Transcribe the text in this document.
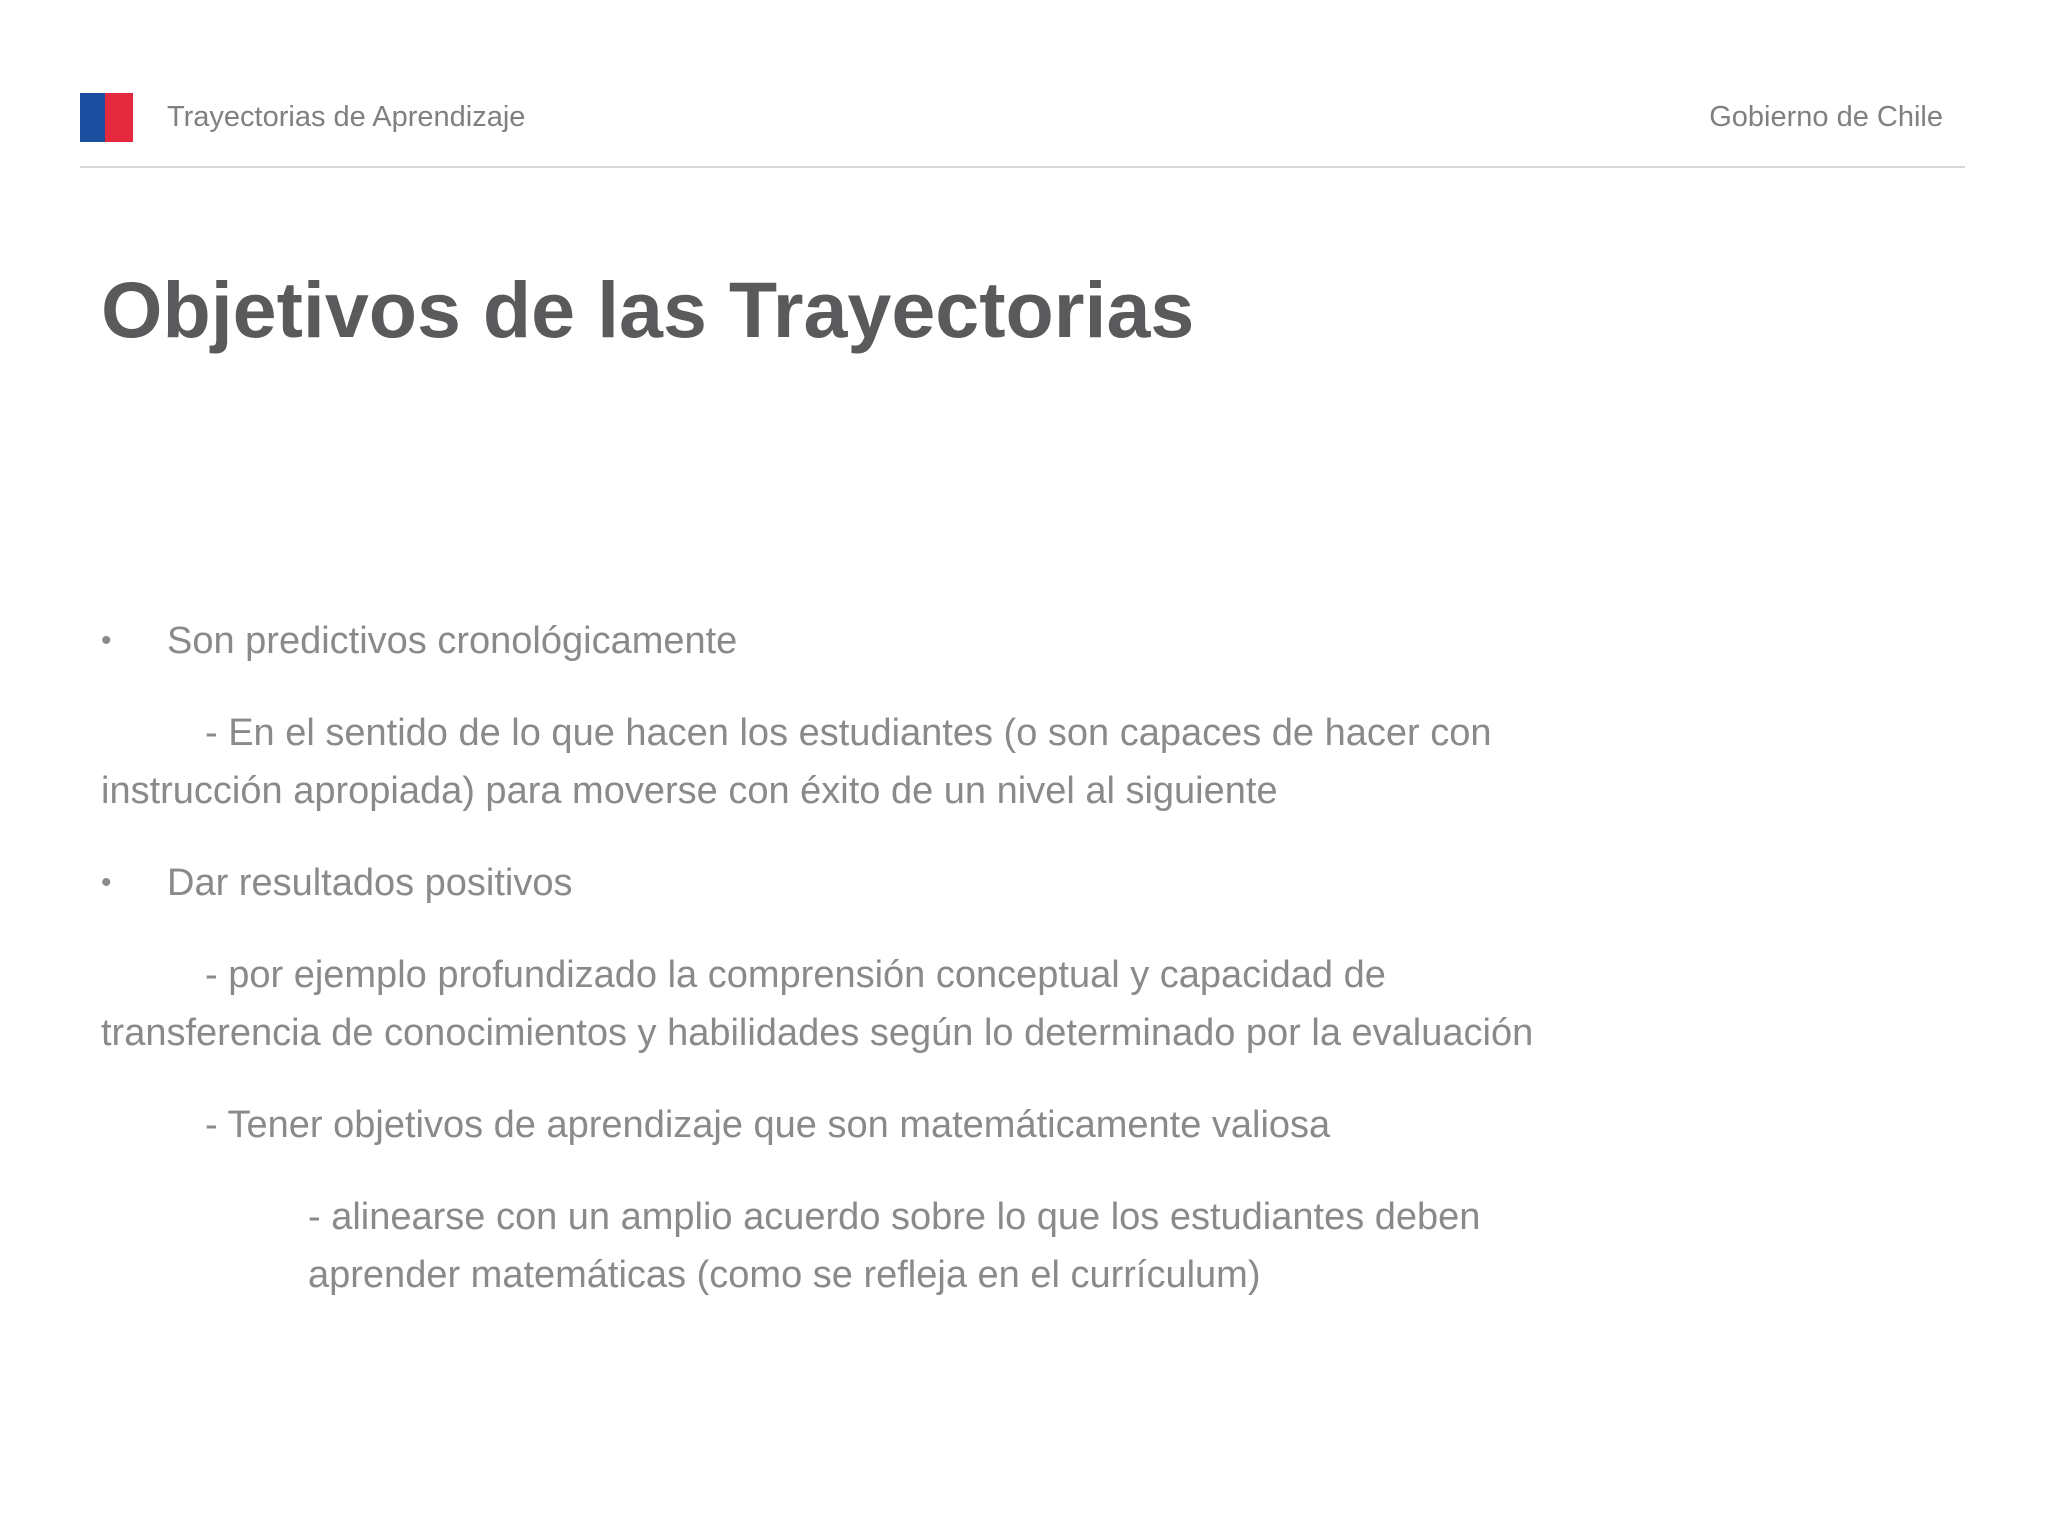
Trayectorias de Aprendizaje	Gobierno de Chile
Objetivos de las Trayectorias
• Son predictivos cronológicamente

- En el sentido de lo que hacen los estudiantes (o son capaces de hacer con instrucción apropiada) para moverse con éxito de un nivel al siguiente

• Dar resultados positivos

- por ejemplo profundizado la comprensión conceptual y capacidad de transferencia de conocimientos y habilidades según lo determinado por la evaluación

- Tener objetivos de aprendizaje que son matemáticamente valiosa

- alinearse con un amplio acuerdo sobre lo que los estudiantes deben aprender matemáticas (como se refleja en el currículum)
